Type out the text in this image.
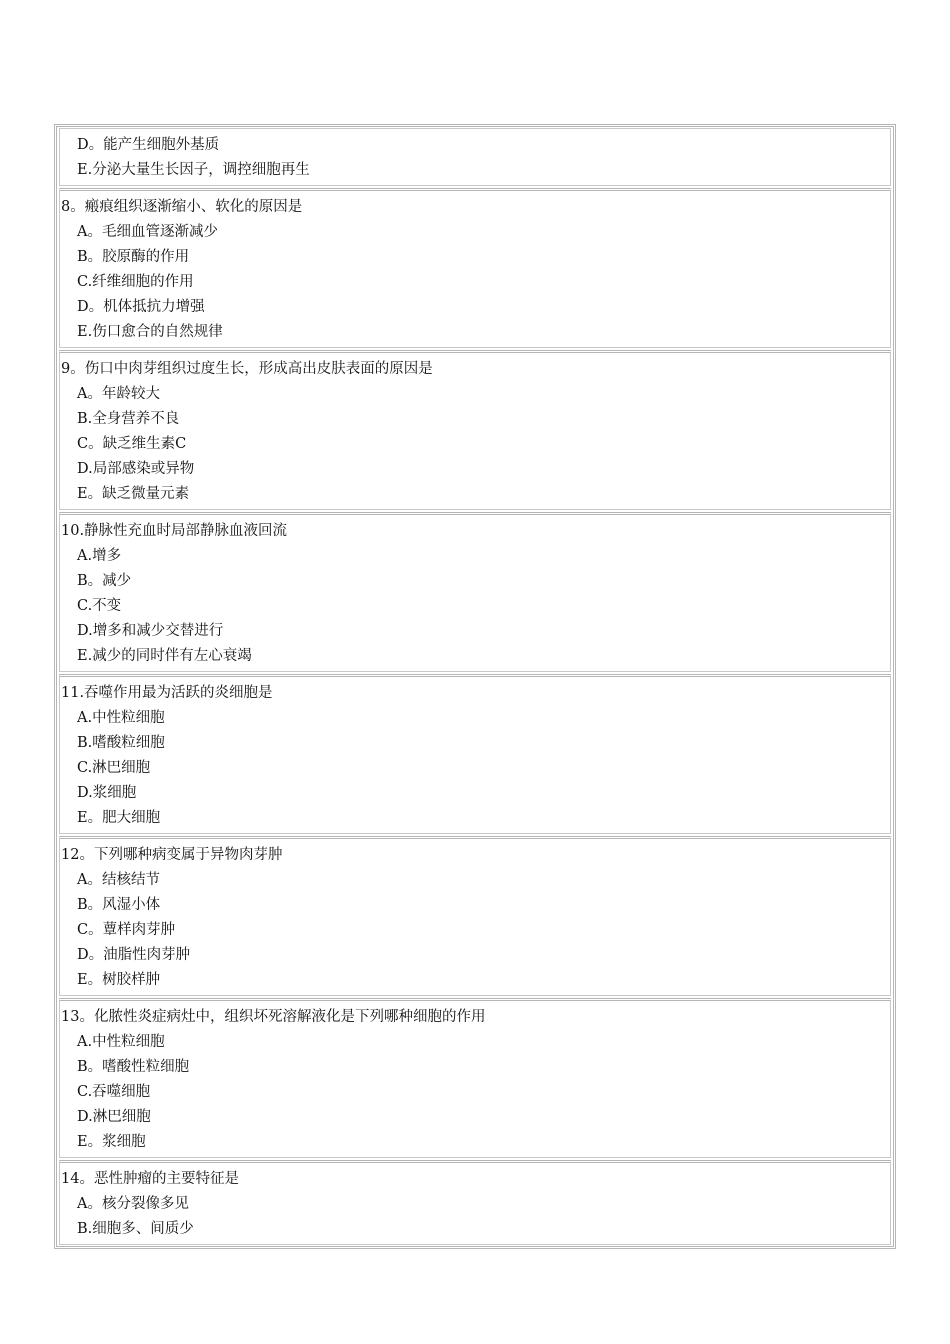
D。能产生细胞外基质
E.分泌大量生长因子，调控细胞再生
8。瘢痕组织逐渐缩小、软化的原因是
A。毛细血管逐渐减少
B。胶原酶的作用
C.纤维细胞的作用
D。机体抵抗力增强
E.伤口愈合的自然规律
9。伤口中肉芽组织过度生长，形成高出皮肤表面的原因是
A。年龄较大
B.全身营养不良
C。缺乏维生素C
D.局部感染或异物
E。缺乏微量元素
10.静脉性充血时局部静脉血液回流
A.增多
B。减少
C.不变
D.增多和减少交替进行
E.减少的同时伴有左心衰竭
11.吞噬作用最为活跃的炎细胞是
A.中性粒细胞
B.嗜酸粒细胞
C.淋巴细胞
D.浆细胞
E。肥大细胞
12。下列哪种病变属于异物肉芽肿
A。结核结节
B。风湿小体
C。蕈样肉芽肿
D。油脂性肉芽肿
E。树胶样肿
13。化脓性炎症病灶中，组织坏死溶解液化是下列哪种细胞的作用
A.中性粒细胞
B。嗜酸性粒细胞
C.吞噬细胞
D.淋巴细胞
E。浆细胞
14。恶性肿瘤的主要特征是
A。核分裂像多见
B.细胞多、间质少
